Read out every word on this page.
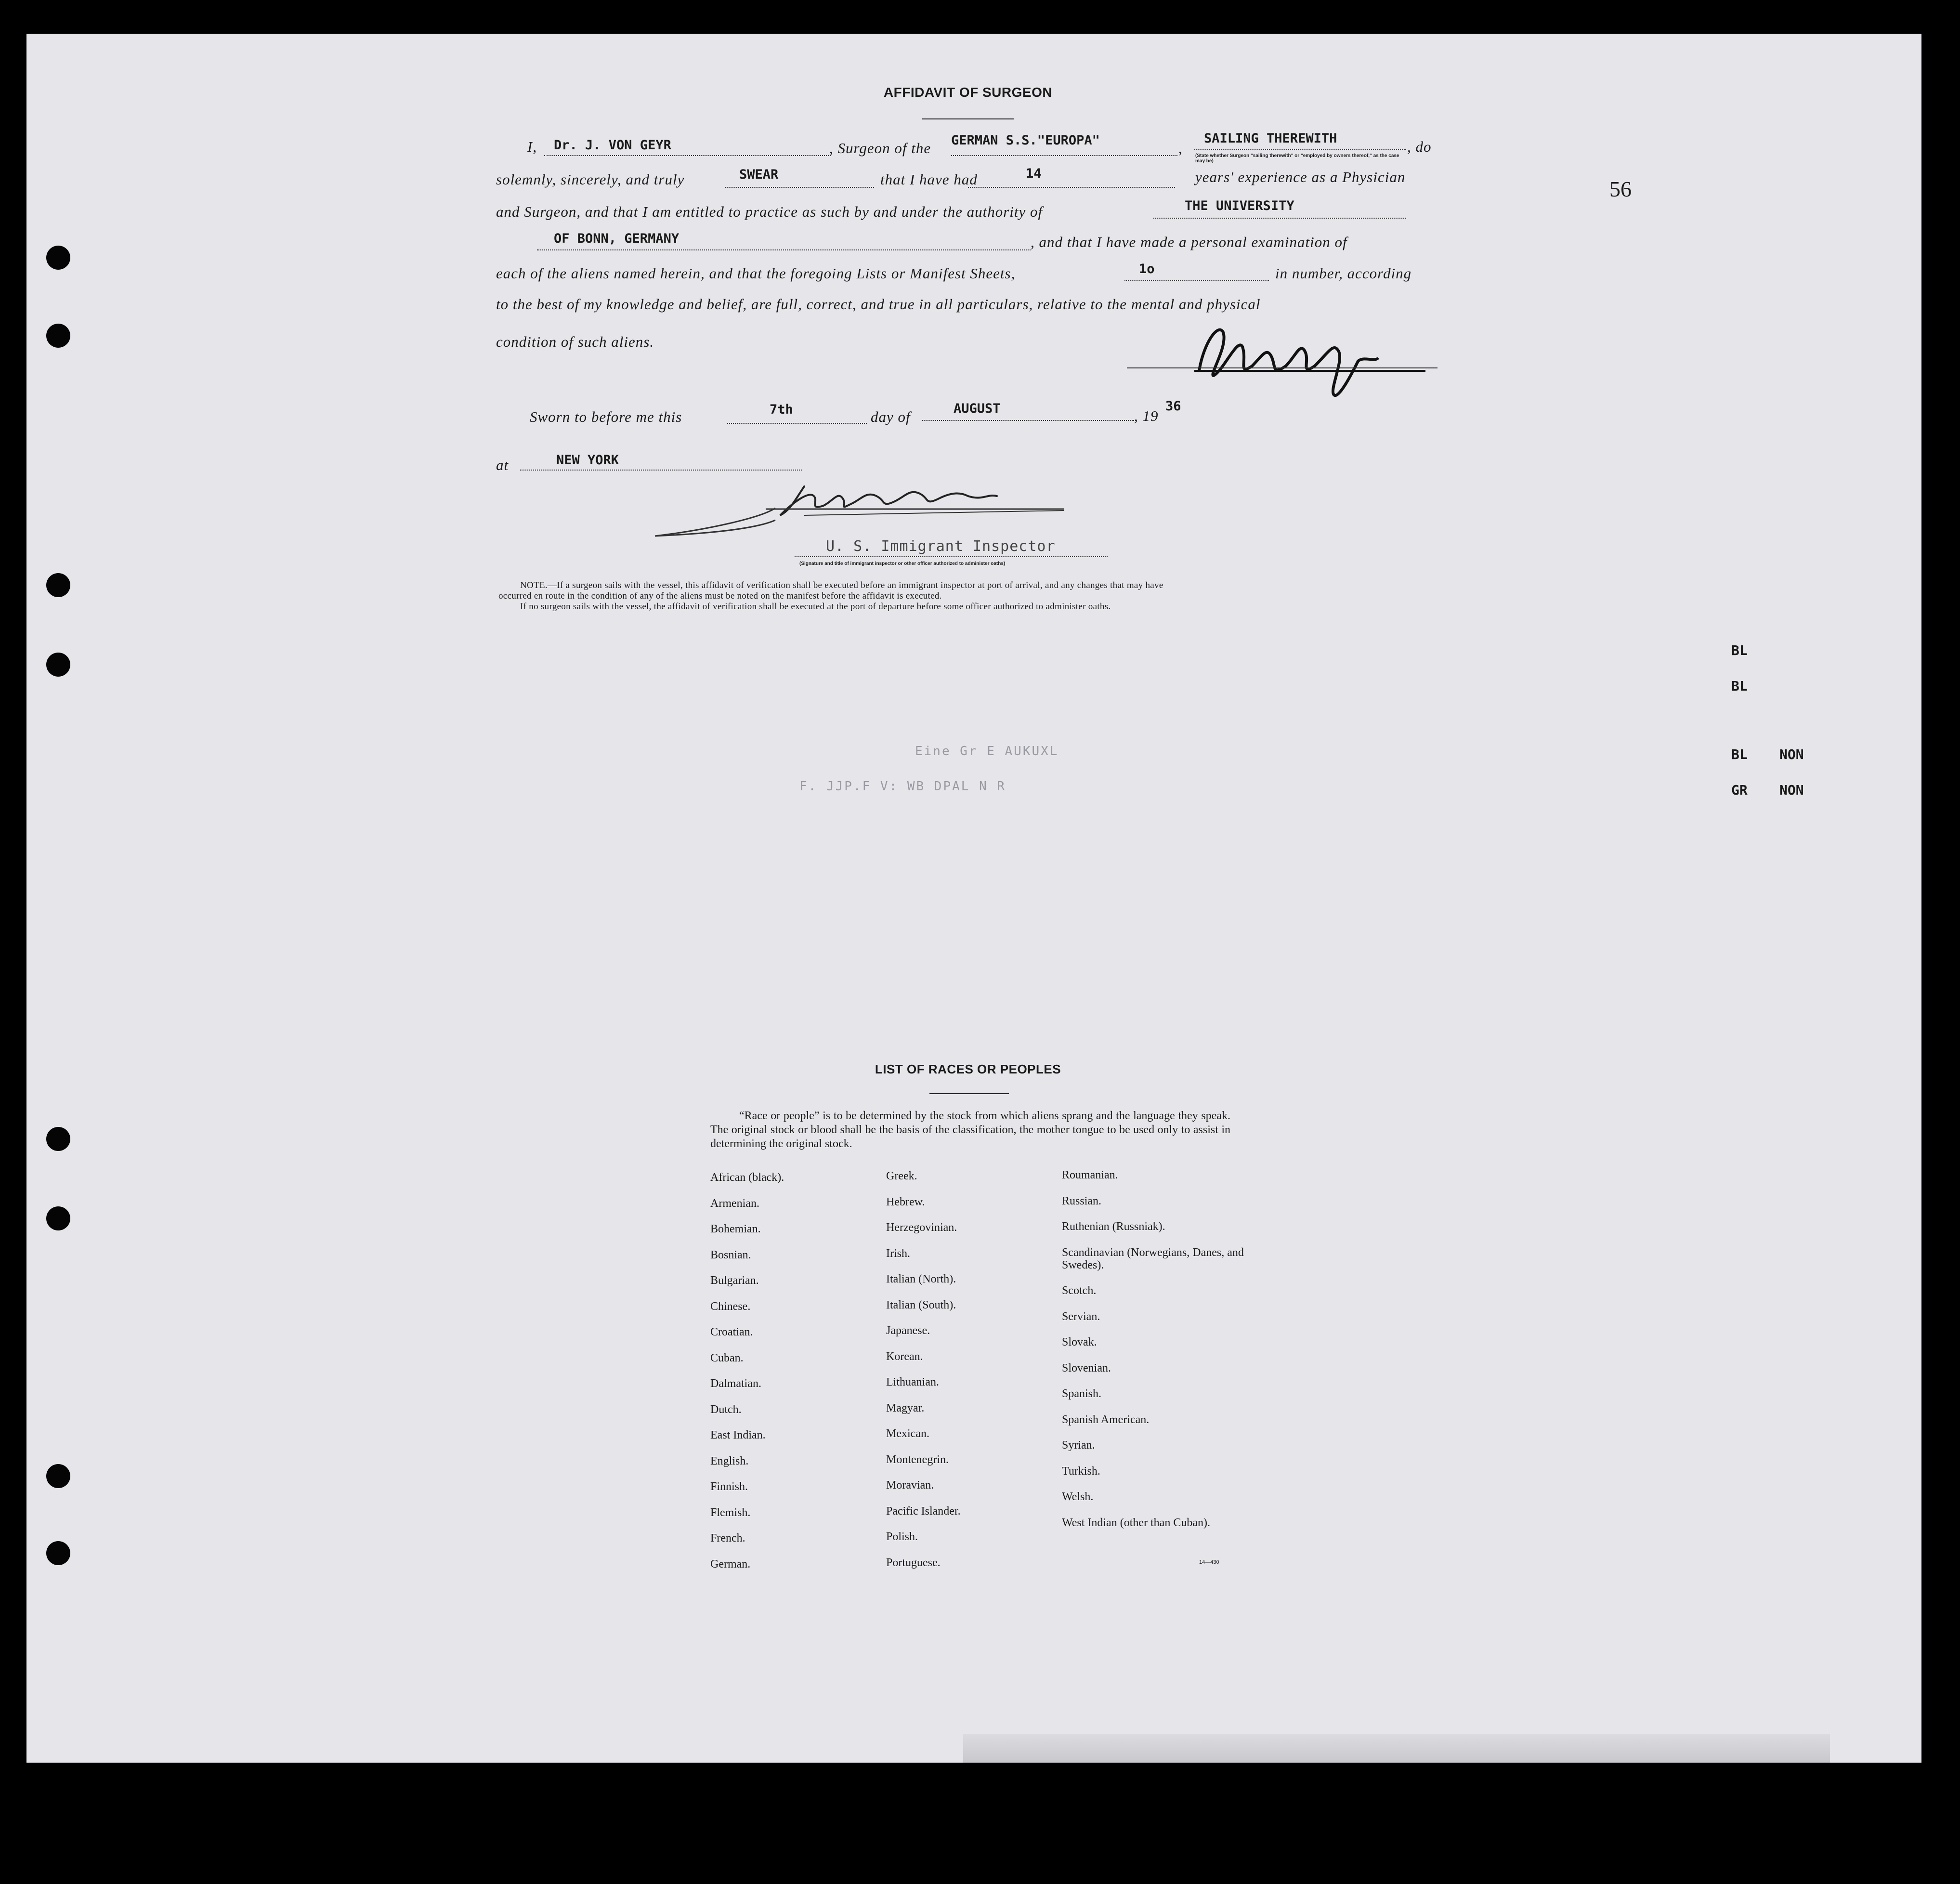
56
AFFIDAVIT OF SURGEON
I, Dr. J. VON GEYR	, Surgeon of the GERMAN S.S."EUROPA"	,
SAILING THEREWITH
(State whether Surgeon "sailing therewith" or "employed by owners thereof," as the case may be)
, do
solemnly, sincerely, and truly	SWEAR	that I have had	14	years' experience as a Physician
and Surgeon, and that I am entitled to practice as such by and under the authority of	THE UNIVERSITY
OF BONN, GERMANY	, and that I have made a personal examination of
each of the aliens named herein, and that the foregoing Lists or Manifest Sheets,	1o	in number, according
to the best of my knowledge and belief, are full, correct, and true in all particulars, relative to the mental and physical
condition of such aliens.
Sworn to before me this	7th	day of	AUGUST	, 19
36
at	NEW YORK
U. S. Immigrant Inspector
(Signature and title of immigrant inspector or other officer authorized to administer oaths)
NOTE.—If a surgeon sails with the vessel, this affidavit of verification shall be executed before an immigrant inspector at port of arrival, and any changes that may have
occurred en route in the condition of any of the aliens must be noted on the manifest before the affidavit is executed.
If no surgeon sails with the vessel, the affidavit of verification shall be executed at the port of departure before some officer authorized to administer oaths.
Eine Gr E AUKUXL
F. JJP.F V: WB DPAL N R
BL
BL
BL NON
GR NON
LIST OF RACES OR PEOPLES
“Race or people” is to be determined by the stock from which aliens sprang and the language they speak. The original stock or blood shall be the basis of the classification, the mother tongue to be used only to assist in determining the original stock.
African (black).
Armenian.
Bohemian.
Bosnian.
Bulgarian.
Chinese.
Croatian.
Cuban.
Dalmatian.
Dutch.
East Indian.
English.
Finnish.
Flemish.
French.
German.
Greek.
Hebrew.
Herzegovinian.
Irish.
Italian (North).
Italian (South).
Japanese.
Korean.
Lithuanian.
Magyar.
Mexican.
Montenegrin.
Moravian.
Pacific Islander.
Polish.
Portuguese.
Roumanian.
Russian.
Ruthenian (Russniak).
Scandinavian (Norwegians, Danes, and Swedes).
Scotch.
Servian.
Slovak.
Slovenian.
Spanish.
Spanish American.
Syrian.
Turkish.
Welsh.
West Indian (other than Cuban).
14—430
